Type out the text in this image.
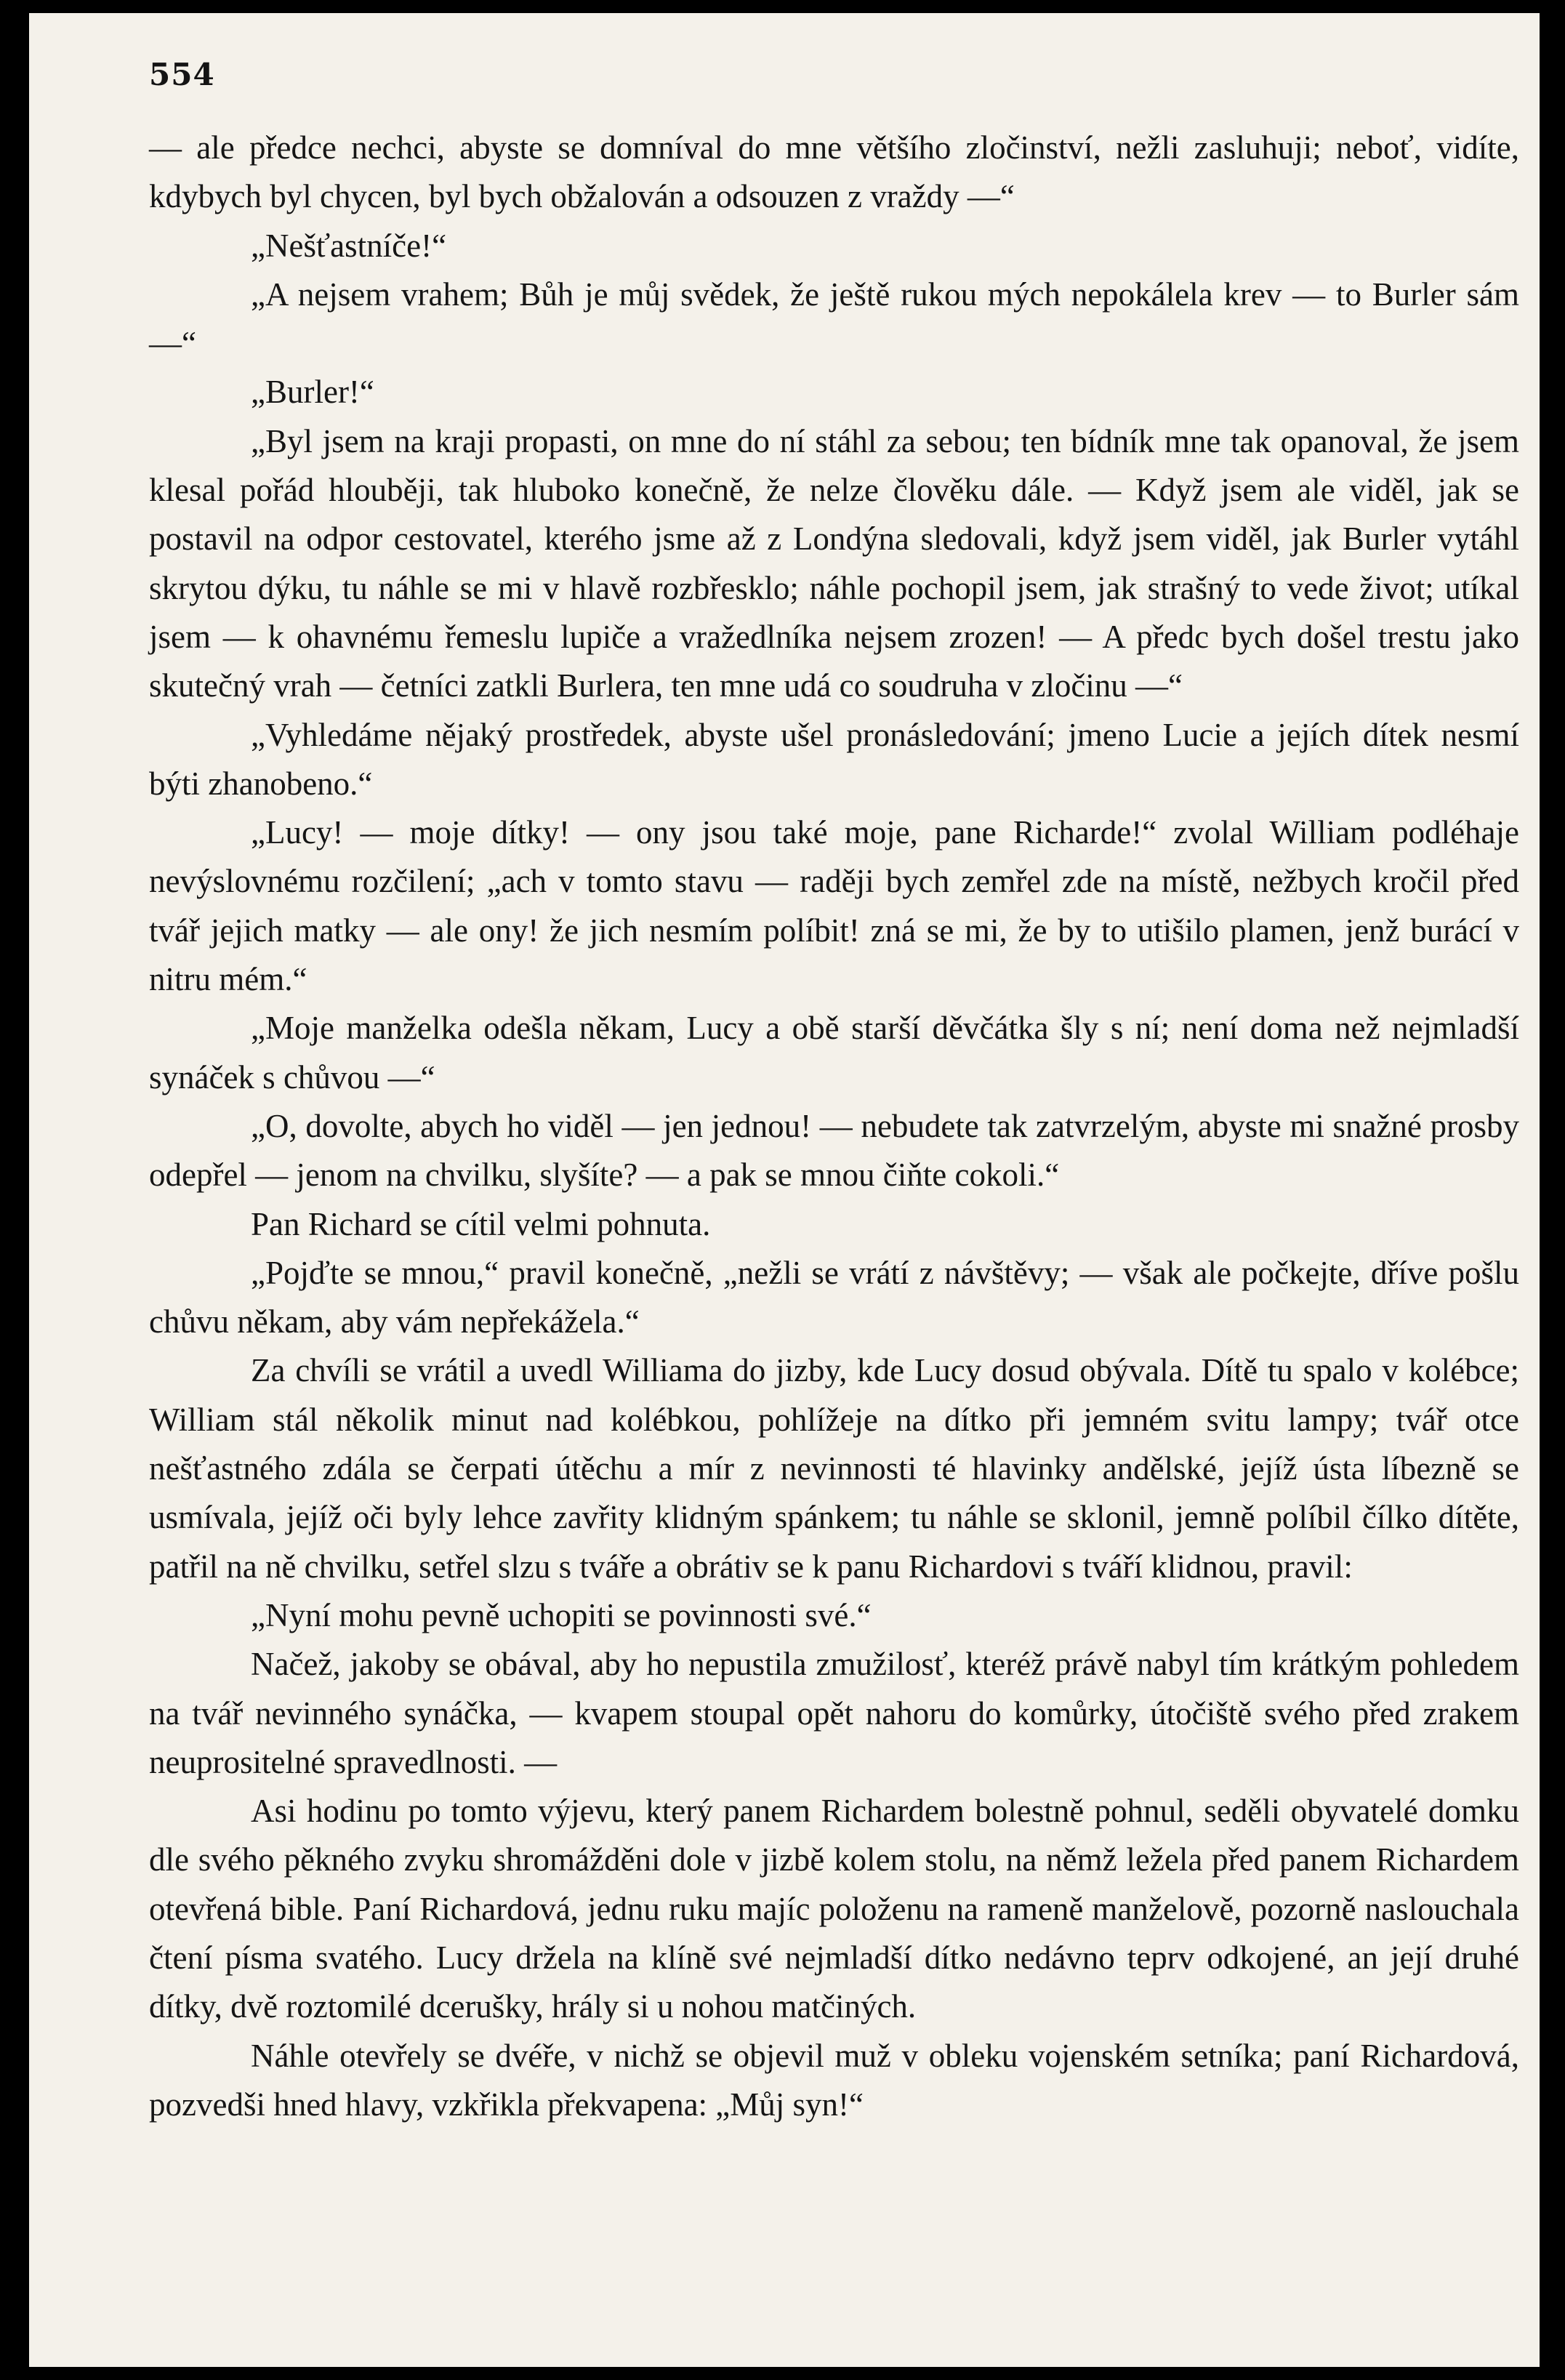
554

— ale předce nechci, abyste se domníval do mne většího zločinství, nežli zasluhuji; neboť, vidíte, kdybych byl chycen, byl bych obžalován a odsouzen z vraždy —“

„Nešťastníče!“

„A nejsem vrahem; Bůh je můj svědek, že ještě rukou mých nepokálela krev — to Burler sám —“

„Burler!“

„Byl jsem na kraji propasti, on mne do ní stáhl za sebou; ten bídník mne tak opanoval, že jsem klesal pořád hlouběji, tak hluboko konečně, že nelze člověku dále. — Když jsem ale viděl, jak se postavil na odpor cestovatel, kterého jsme až z Londýna sledovali, když jsem viděl, jak Burler vytáhl skrytou dýku, tu náhle se mi v hlavě rozbřesklo; náhle pochopil jsem, jak strašný to vede život; utíkal jsem — k ohavnému řemeslu lupiče a vražedlníka nejsem zrozen! — A předc bych došel trestu jako skutečný vrah — četníci zatkli Burlera, ten mne udá co soudruha v zločinu —“

„Vyhledáme nějaký prostředek, abyste ušel pronásledování; jmeno Lucie a jejích dítek nesmí býti zhanobeno.“

„Lucy! — moje dítky! — ony jsou také moje, pane Richarde!“ zvolal William podléhaje nevýslovnému rozčilení; „ach v tomto stavu — raději bych zemřel zde na místě, nežbych kročil před tvář jejich matky — ale ony! že jich nesmím políbit! zná se mi, že by to utišilo plamen, jenž burácí v nitru mém.“

„Moje manželka odešla někam, Lucy a obě starší děvčátka šly s ní; není doma než nejmladší synáček s chůvou —“

„O, dovolte, abych ho viděl — jen jednou! — nebudete tak zatvrzelým, abyste mi snažné prosby odepřel — jenom na chvilku, slyšíte? — a pak se mnou čiňte cokoli.“

Pan Richard se cítil velmi pohnuta.

„Pojďte se mnou,“ pravil konečně, „nežli se vrátí z návštěvy; — však ale počkejte, dříve pošlu chůvu někam, aby vám nepřekážela.“

Za chvíli se vrátil a uvedl Williama do jizby, kde Lucy dosud obývala. Dítě tu spalo v kolébce; William stál několik minut nad kolébkou, pohlížeje na dítko při jemném svitu lampy; tvář otce nešťastného zdála se čerpati útěchu a mír z nevinnosti té hlavinky andělské, jejíž ústa líbezně se usmívala, jejíž oči byly lehce zavřity klidným spánkem; tu náhle se sklonil, jemně políbil čílko dítěte, patřil na ně chvilku, setřel slzu s tváře a obrátiv se k panu Richardovi s tváří klidnou, pravil:

„Nyní mohu pevně uchopiti se povinnosti své.“

Načež, jakoby se obával, aby ho nepustila zmužilosť, kteréž právě nabyl tím krátkým pohledem na tvář nevinného synáčka, — kvapem stoupal opět nahoru do komůrky, útočiště svého před zrakem neuprositelné spravedlnosti. —

Asi hodinu po tomto výjevu, který panem Richardem bolestně pohnul, seděli obyvatelé domku dle svého pěkného zvyku shromážděni dole v jizbě kolem stolu, na němž ležela před panem Richardem otevřená bible. Paní Richardová, jednu ruku majíc položenu na rameně manželově, pozorně naslouchala čtení písma svatého. Lucy držela na klíně své nejmladší dítko nedávno teprv odkojené, an její druhé dítky, dvě roztomilé dcerušky, hrály si u nohou matčiných.

Náhle otevřely se dvéře, v nichž se objevil muž v obleku vojenském setníka; paní Richardová, pozvedši hned hlavy, vzkřikla překvapena: „Můj syn!“
